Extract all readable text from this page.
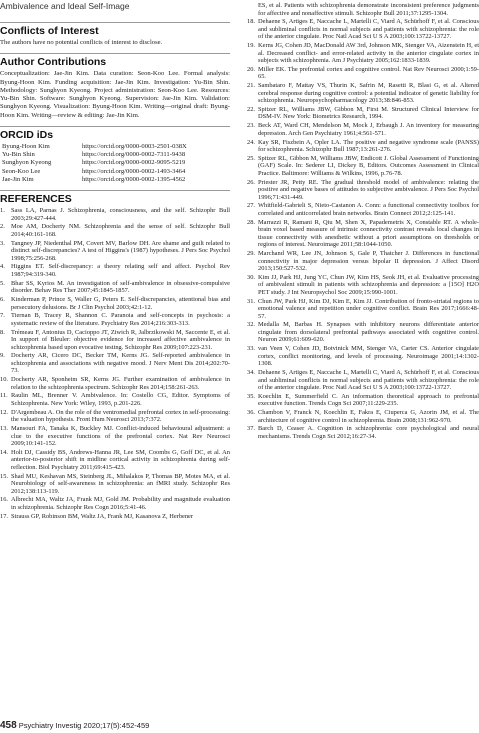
Ambivalence and Ideal Self-Image
Conflicts of Interest

The authors have no potential conflicts of interest to disclose.

Author Contributions

Conceptualization: Jae-Jin Kim. Data curation: Seon-Koo Lee. Formal analysis: Byung-Hoon Kim. Funding acquisition: Jae-Jin Kim. Investigation: Yu-Bin Shin. Methodology: Sunghyon Kyeong. Project administration: Seon-Koo Lee. Resources: Yu-Bin Shin. Software: Sunghyon Kyeong. Supervision: Jae-Jin Kim. Validation: Sunghyon Kyeong. Visualization: Byung-Hoon Kim. Writing—original draft: Byung-Hoon Kim. Writing—review & editing: Jae-Jin Kim.

ORCID iDs
Byung-Hoon Kim	https://orcid.org/0000-0003-2501-038X
Yu-Bin Shin	https://orcid.org/0000-0002-7311-9438
Sunghyon Kyeong	https://orcid.org/0000-0002-9095-5219
Seon-Koo Lee	https://orcid.org/0000-0002-1493-3464
Jae-Jin Kim	https://orcid.org/0000-0002-1395-4562
REFERENCES
1. Sass LA, Parnas J. Schizophrenia, consciousness, and the self. Schizophr Bull 2003;29:427-444.
2. Moe AM, Docherty NM. Schizophrenia and the sense of self. Schizophr Bull 2014;40:161-168.
3. Tangney JP, Niedenthal PM, Covert MV, Barlow DH. Are shame and guilt related to distinct self-discrepancies? A test of Higgins's (1987) hypotheses. J Pers Soc Psychol 1998;75:256-268.
4. Higgins ET. Self-discrepancy: a theory relating self and affect. Psychol Rev 1987;94:319-340.
5. Bhar SS, Kyrios M. An investigation of self-ambivalence in obsessive-compulsive disorder. Behav Res Ther 2007;45:1845-1857.
6. Kinderman P, Prince S, Waller G, Peters E. Self-discrepancies, attentional bias and persecutory delusions. Br J Clin Psychol 2003;42:1-12.
7. Tiernan B, Tracey R, Shannon C. Paranoia and self-concepts in psychosis: a systematic review of the literature. Psychiatry Res 2014;216:303-313.
8. Trémeau F, Antonius D, Cacioppo JT, Ziwich R, Jalbrzikowski M, Saccente E, et al. In support of Bleuler: objective evidence for increased affective ambivalence in schizophrenia based upon evocative testing. Schizophr Res 2009;107:223-231.
9. Docherty AR, Cicero DC, Becker TM, Kerns JG. Self-reported ambivalence in schizophrenia and associations with negative mood. J Nerv Ment Dis 2014;202:70-73.
10. Docherty AR, Sponheim SR, Kerns JG. Further examination of ambivalence in relation to the schizophrenia spectrum. Schizophr Res 2014;158:261-263.
11. Raulin ML, Brenner V. Ambivalence. In: Costello CG, Editor. Symptoms of Schizophrenia. New York: Wiley, 1993, p.201-226.
12. D'Argembeau A. On the role of the ventromedial prefrontal cortex in self-processing: the valuation hypothesis. Front Hum Neurosci 2013;7:372.
13. Mansouri FA, Tanaka K, Buckley MJ. Conflict-induced behavioural adjustment: a clue to the executive functions of the prefrontal cortex. Nat Rev Neurosci 2009;10:141-152.
14. Holt DJ, Cassidy BS, Andrews-Hanna JR, Lee SM, Coombs G, Goff DC, et al. An anterior-to-posterior shift in midline cortical activity in schizophrenia during self-reflection. Biol Psychiatry 2011;69:415-423.
15. Shad MU, Keshavan MS, Steinberg JL, Mihalakos P, Thomas BP, Motes MA, et al. Neurobiology of self-awareness in schizophrenia: an fMRI study. Schizophr Res 2012;138:113-119.
16. Albrecht MA, Waltz JA, Frank MJ, Gold JM. Probability and magnitude evaluation in schizophrenia. Schizophr Res Cogn 2016;5:41-46.
17. Strauss GP, Robinson BM, Waltz JA, Frank MJ, Kasanova Z, Herbener
ES, et al. Patients with schizophrenia demonstrate inconsistent preference judgments for affective and nonaffective stimuli. Schizophr Bull 2011;37:1295-1304.
18. Dehaene S, Artiges E, Naccache L, Martelli C, Viard A, Schürhoff F, et al. Conscious and subliminal conflicts in normal subjects and patients with schizophrenia: the role of the anterior cingulate. Proc Natl Acad Sci U S A 2003;100:13722-13727.
19. Kerns JG, Cohen JD, MacDonald AW 3rd, Johnson MK, Stenger VA, Aizenstein H, et al. Decreased conflict- and error-related activity in the anterior cingulate cortex in subjects with schizophrenia. Am J Psychiatry 2005;162:1833-1839.
20. Miller EK. The prefrontal cortex and cognitive control. Nat Rev Neurosci 2000;1:59-65.
21. Sambataro F, Mattay VS, Thurin K, Safrin M, Rasetti R, Blasi G, et al. Altered cerebral response during cognitive control: a potential indicator of genetic liability for schizophrenia. Neuropsychopharmacology 2013;38:846-853.
22. Spitzer RL, Williams JBW, Gibbon M, First M. Structured Clinical Interview for DSM-IV. New York: Biometrics Research, 1994.
23. Beck AT, Ward CH, Mendelson M, Mock J, Erbaugh J. An inventory for measuring depression. Arch Gen Psychiatry 1961;4:561-571.
24. Kay SR, Fiszbein A, Opler LA. The positive and negative syndrome scale (PANSS) for schizophrenia. Schizophr Bull 1987;13:261-276.
25. Spitzer RL, Gibbon M, Williams JBW, Endicott J. Global Assessment of Functioning (GAF) Scale. In: Sederer LI, Dickey B, Editors. Outcomes Assessment in Clinical Practice. Baltimore: Williams & Wilkins, 1996, p.76-78.
26. Priester JR, Petty RE. The gradual threshold model of ambivalence: relating the positive and negative bases of attitudes to subjective ambivalence. J Pers Soc Psychol 1996;71:431-449.
27. Whitfield-Gabrieli S, Nieto-Castanon A. Conn: a functional connectivity toolbox for correlated and anticorrelated brain networks. Brain Connect 2012;2:125-141.
28. Marrazzi R, Ramani R, Qiu M, Shen X, Papademetris X, Constable RT. A whole-brain voxel based measure of intrinsic connectivity contrast reveals local changes in tissue connectivity with anesthetic without a priori assumptions on thresholds or regions of interest. Neuroimage 2011;58:1044-1050.
29. Marchand WR, Lee JN, Johnson S, Gale P, Thatcher J. Differences in functional connectivity in major depression versus bipolar II depression. J Affect Disord 2013;150:527-532.
30. Kim JJ, Park HJ, Jung YC, Chun JW, Kim HS, Seok JH, et al. Evaluative processing of ambivalent stimuli in patients with schizophrenia and depression: a [15O] H2O PET study. J Int Neuropsychol Soc 2009;15:990-1001.
31. Chun JW, Park HJ, Kim DJ, Kim E, Kim JJ. Contribution of fronto-striatal regions to emotional valence and repetition under cognitive conflict. Brain Res 2017;1666:48-57.
32. Medalla M, Barbas H. Synapses with inhibitory neurons differentiate anterior cingulate from dorsolateral prefrontal pathways associated with cognitive control. Neuron 2009;61:609-620.
33. van Veen V, Cohen JD, Botvinick MM, Stenger VA, Carter CS. Anterior cingulate cortex, conflict monitoring, and levels of processing. Neuroimage 2001;14:1302-1308.
34. Dehaene S, Artiges E, Naccache L, Martelli C, Viard A, Schürhoff F, et al. Conscious and subliminal conflicts in normal subjects and patients with schizophrenia: the role of the anterior cingulate. Proc Natl Acad Sci U S A 2003;100:13722-13727.
35. Koechlin E, Summerfield C. An information theoretical approach to prefrontal executive function. Trends Cogn Sci 2007;11:229-235.
36. Chambon V, Franck N, Koechlin E, Fakra E, Ciuperca G, Azorin JM, et al. The architecture of cognitive control in schizophrenia. Brain 2008;131:962-970.
37. Barch D, Ceaser A. Cognition in schizophrenia: core psychological and neural mechanisms. Trends Cogn Sci 2012;16:27-34.
458 Psychiatry Investig 2020;17(5):452-459
